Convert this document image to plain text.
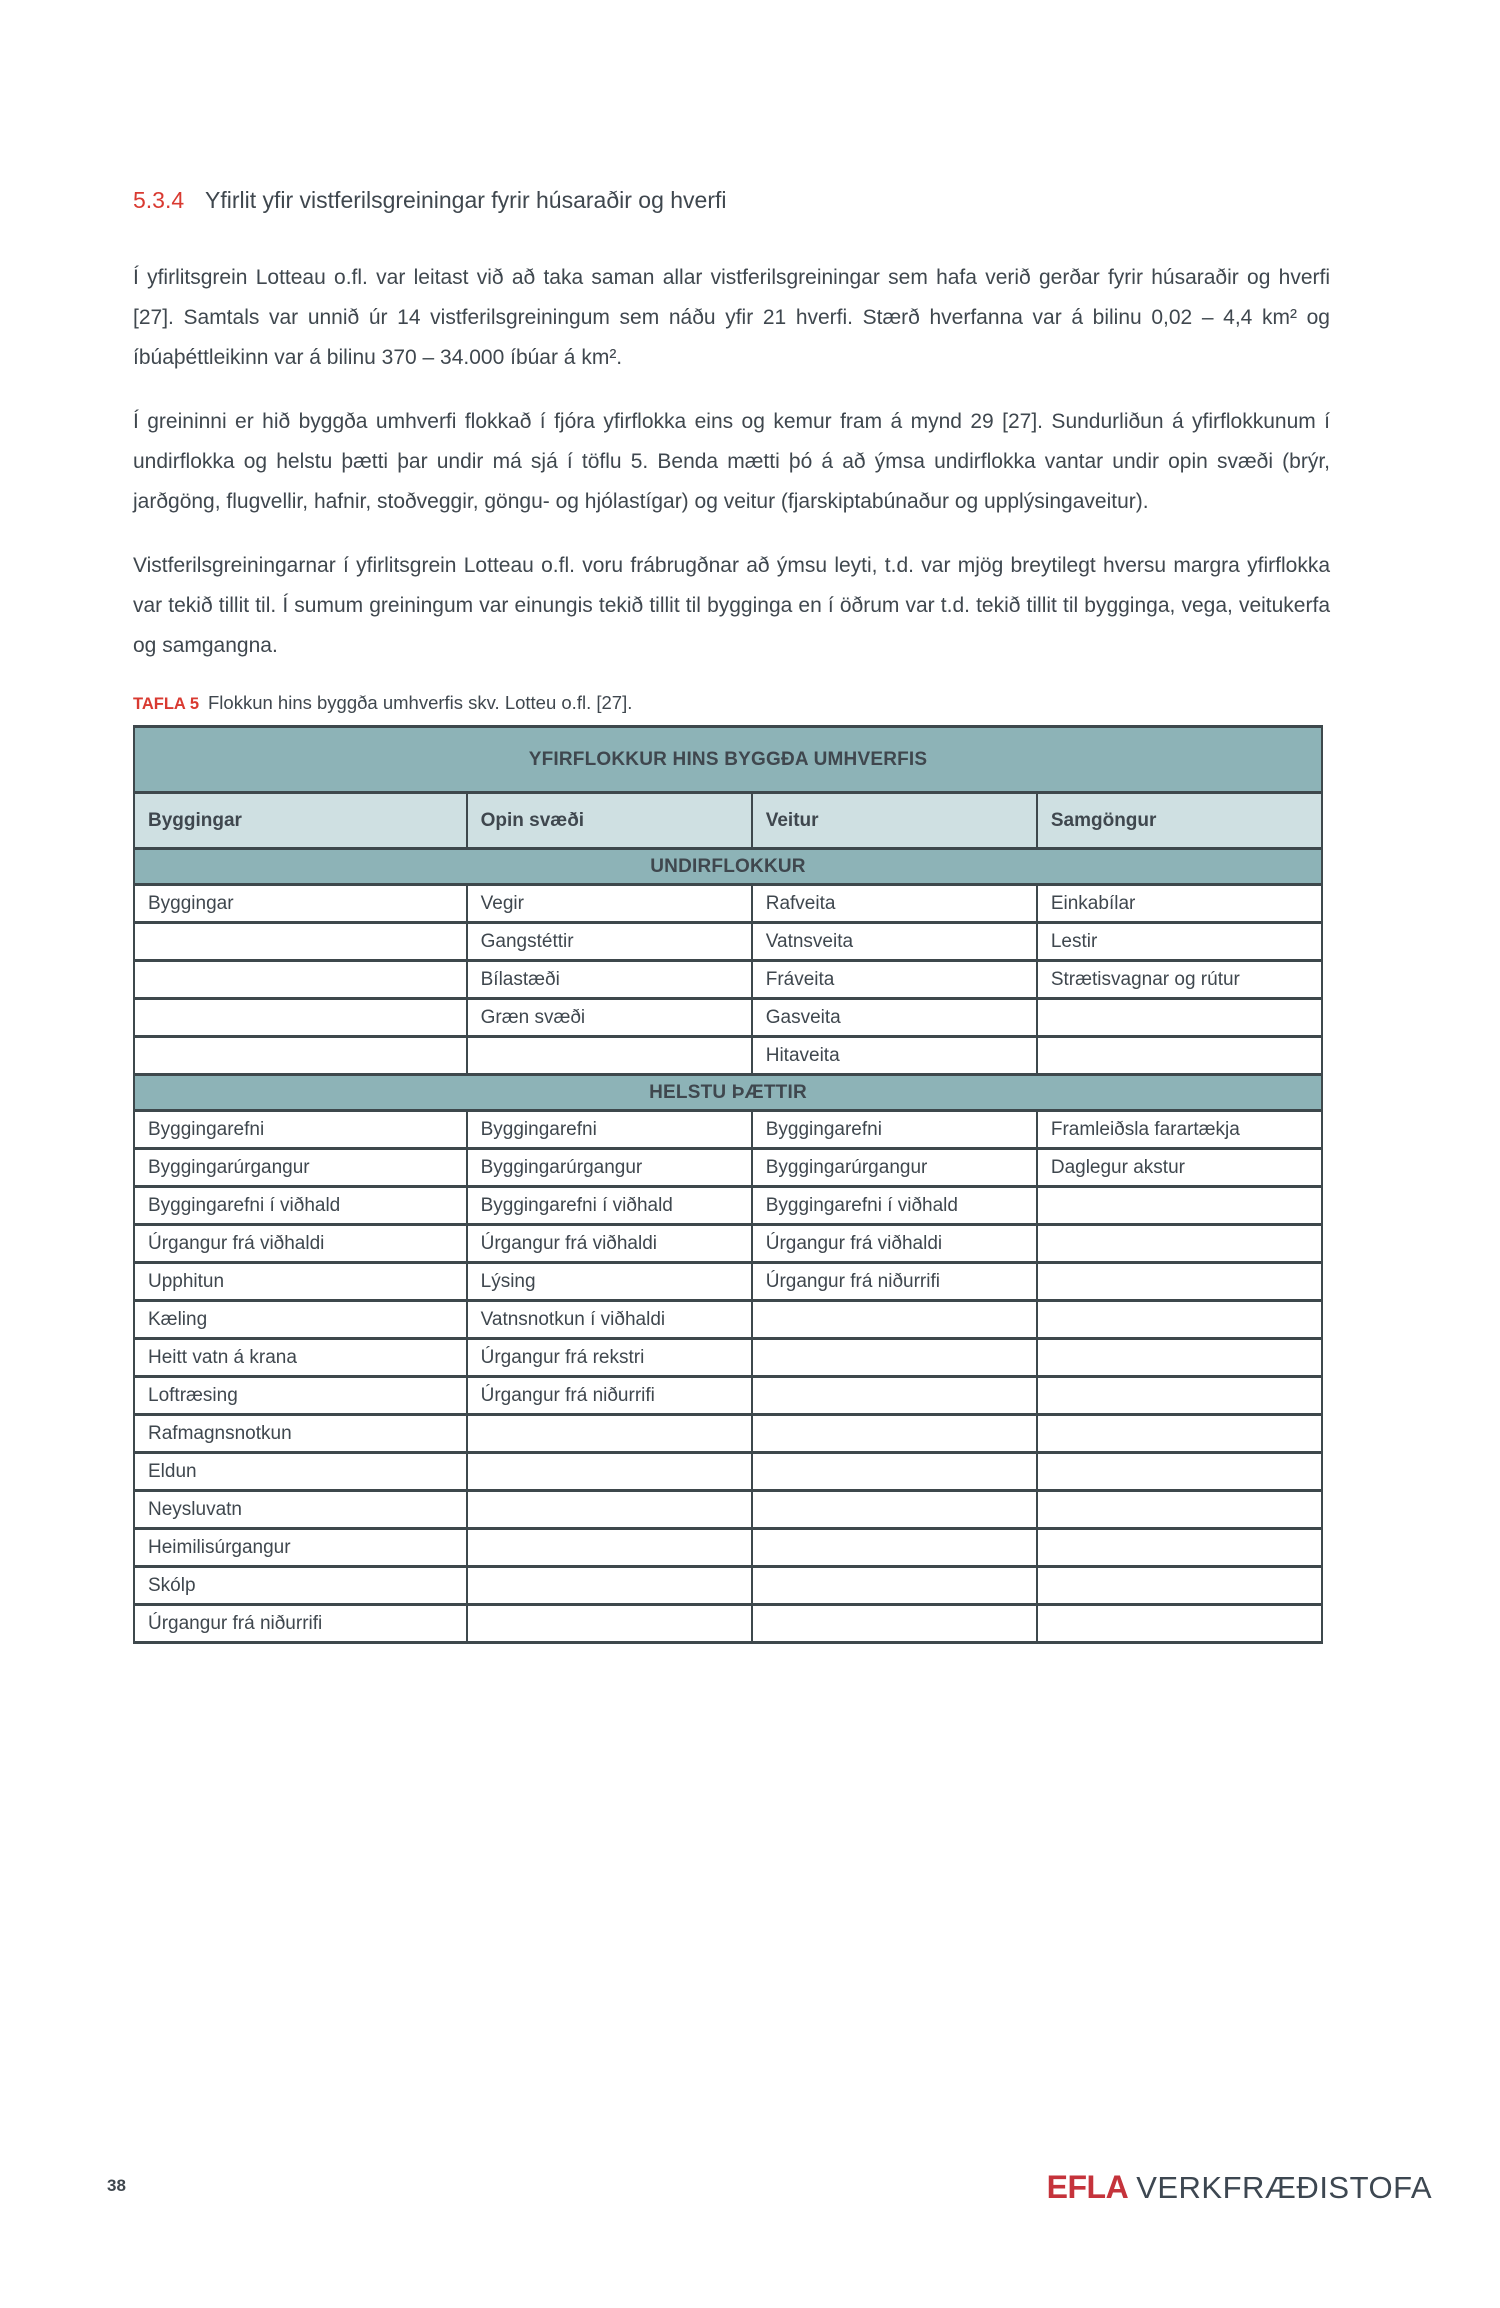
5.3.4 Yfirlit yfir vistferilsgreiningar fyrir húsaraðir og hverfi

Í yfirlitsgrein Lotteau o.fl. var leitast við að taka saman allar vistferilsgreiningar sem hafa verið gerðar fyrir húsaraðir og hverfi [27]. Samtals var unnið úr 14 vistferilsgreiningum sem náðu yfir 21 hverfi. Stærð hverfanna var á bilinu 0,02 – 4,4 km² og íbúaþéttleikinn var á bilinu 370 – 34.000 íbúar á km².

Í greininni er hið byggða umhverfi flokkað í fjóra yfirflokka eins og kemur fram á mynd 29 [27]. Sundurliðun á yfirflokkunum í undirflokka og helstu þætti þar undir má sjá í töflu 5. Benda mætti þó á að ýmsa undirflokka vantar undir opin svæði (brýr, jarðgöng, flugvellir, hafnir, stoðveggir, göngu- og hjólastígar) og veitur (fjarskiptabúnaður og upplýsingaveitur).

Vistferilsgreiningarnar í yfirlitsgrein Lotteau o.fl. voru frábrugðnar að ýmsu leyti, t.d. var mjög breytilegt hversu margra yfirflokka var tekið tillit til. Í sumum greiningum var einungis tekið tillit til bygginga en í öðrum var t.d. tekið tillit til bygginga, vega, veitukerfa og samgangna.

TAFLA 5 Flokkun hins byggða umhverfis skv. Lotteu o.fl. [27].
YFIRFLOKKUR HINS BYGGÐA UMHVERFIS			
Byggingar	Opin svæði	Veitur	Samgöngur
UNDIRFLOKKUR			
Byggingar	Vegir	Rafveita	Einkabílar
	Gangstéttir	Vatnsveita	Lestir
	Bílastæði	Fráveita	Strætisvagnar og rútur
	Græn svæði	Gasveita	
		Hitaveita	
HELSTU ÞÆTTIR			
Byggingarefni	Byggingarefni	Byggingarefni	Framleiðsla farartækja
Byggingarúrgangur	Byggingarúrgangur	Byggingarúrgangur	Daglegur akstur
Byggingarefni í viðhald	Byggingarefni í viðhald	Byggingarefni í viðhald	
Úrgangur frá viðhaldi	Úrgangur frá viðhaldi	Úrgangur frá viðhaldi	
Upphitun	Lýsing	Úrgangur frá niðurrifi	
Kæling	Vatnsnotkun í viðhaldi		
Heitt vatn á krana	Úrgangur frá rekstri		
Loftræsing	Úrgangur frá niðurrifi		
Rafmagnsnotkun			
Eldun			
Neysluvatn			
Heimilisúrgangur			
Skólp			
Úrgangur frá niðurrifi			
38	EFLA VERKFRÆÐISTOFA
